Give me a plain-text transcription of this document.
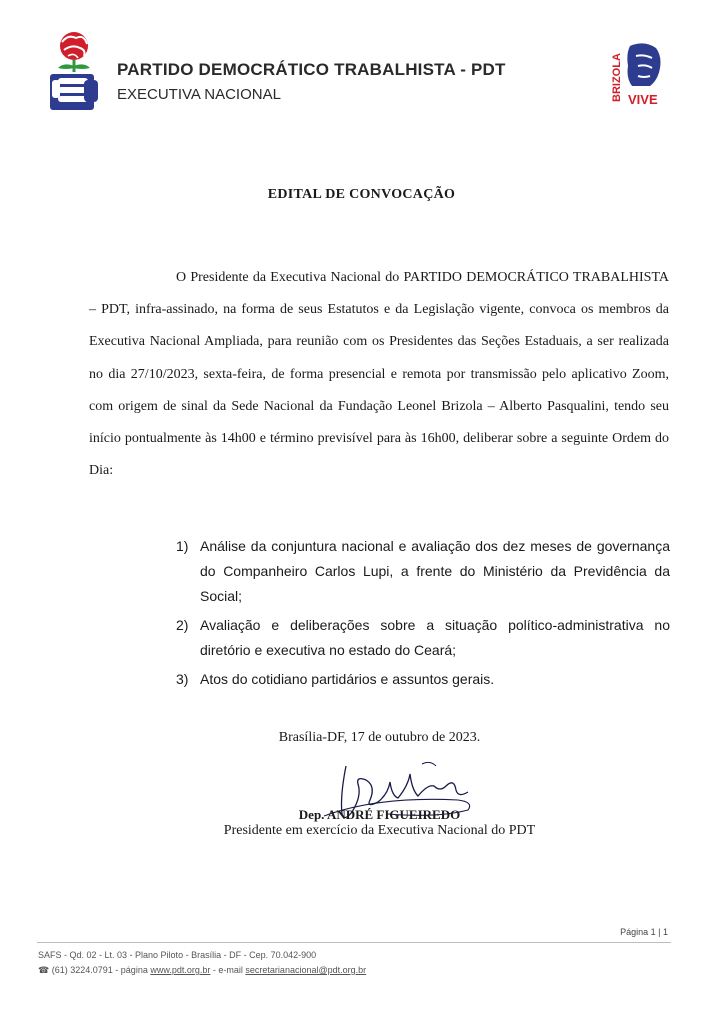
PARTIDO DEMOCRÁTICO TRABALHISTA - PDT
EXECUTIVA NACIONAL	BRIZOLA VIVE
EDITAL DE CONVOCAÇÃO
O Presidente da Executiva Nacional do PARTIDO DEMOCRÁTICO TRABALHISTA – PDT, infra-assinado, na forma de seus Estatutos e da Legislação vigente, convoca os membros da Executiva Nacional Ampliada, para reunião com os Presidentes das Seções Estaduais, a ser realizada no dia 27/10/2023, sexta-feira, de forma presencial e remota por transmissão pelo aplicativo Zoom, com origem de sinal da Sede Nacional da Fundação Leonel Brizola – Alberto Pasqualini, tendo seu início pontualmente às 14h00 e término previsível para às 16h00, deliberar sobre a seguinte Ordem do Dia:
1) Análise da conjuntura nacional e avaliação dos dez meses de governança do Companheiro Carlos Lupi, a frente do Ministério da Previdência da Social;
2) Avaliação e deliberações sobre a situação político-administrativa no diretório e executiva no estado do Ceará;
3) Atos do cotidiano partidários e assuntos gerais.
Brasília-DF, 17 de outubro de 2023.
Dep. ANDRÉ FIGUEIREDO
Presidente em exercício da Executiva Nacional do PDT
Página 1 | 1
SAFS - Qd. 02 - Lt. 03 - Plano Piloto - Brasília - DF - Cep. 70.042-900
☎ (61) 3224.0791 - página www.pdt.org.br - e-mail secretarianacional@pdt.org.br
